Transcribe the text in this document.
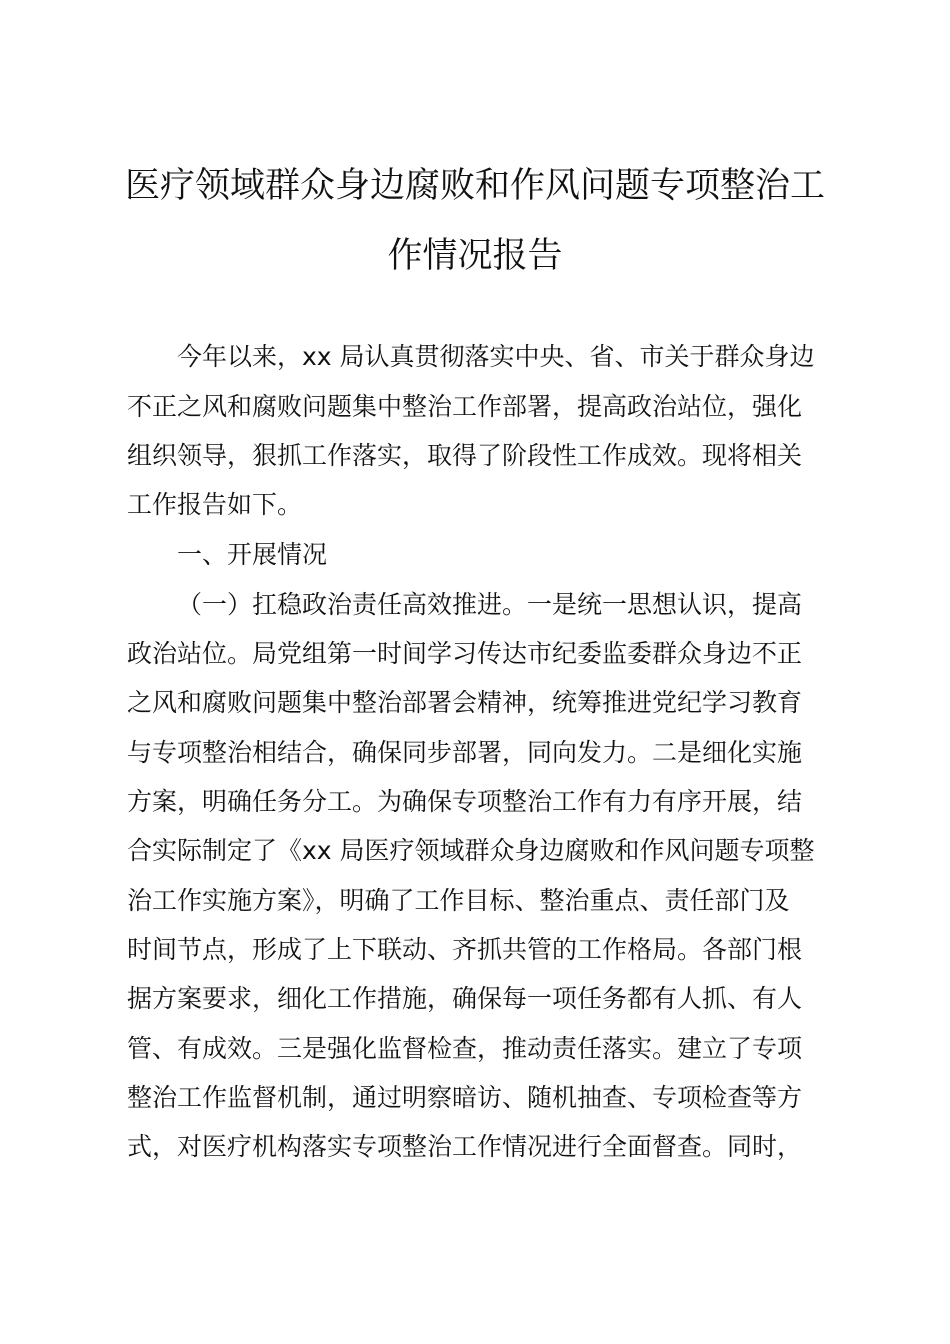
医疗领域群众身边腐败和作风问题专项整治工
作情况报告
今年以来，xx 局认真贯彻落实中央、省、市关于群众身边
不正之风和腐败问题集中整治工作部署，提高政治站位，强化
组织领导，狠抓工作落实，取得了阶段性工作成效。现将相关
工作报告如下。
一、开展情况
（一）扛稳政治责任高效推进。一是统一思想认识，提高
政治站位。局党组第一时间学习传达市纪委监委群众身边不正
之风和腐败问题集中整治部署会精神，统筹推进党纪学习教育
与专项整治相结合，确保同步部署，同向发力。二是细化实施
方案，明确任务分工。为确保专项整治工作有力有序开展，结
合实际制定了《xx 局医疗领域群众身边腐败和作风问题专项整
治工作实施方案》，明确了工作目标、整治重点、责任部门及
时间节点，形成了上下联动、齐抓共管的工作格局。各部门根
据方案要求，细化工作措施，确保每一项任务都有人抓、有人
管、有成效。三是强化监督检查，推动责任落实。建立了专项
整治工作监督机制，通过明察暗访、随机抽查、专项检查等方
式，对医疗机构落实专项整治工作情况进行全面督查。同时，
